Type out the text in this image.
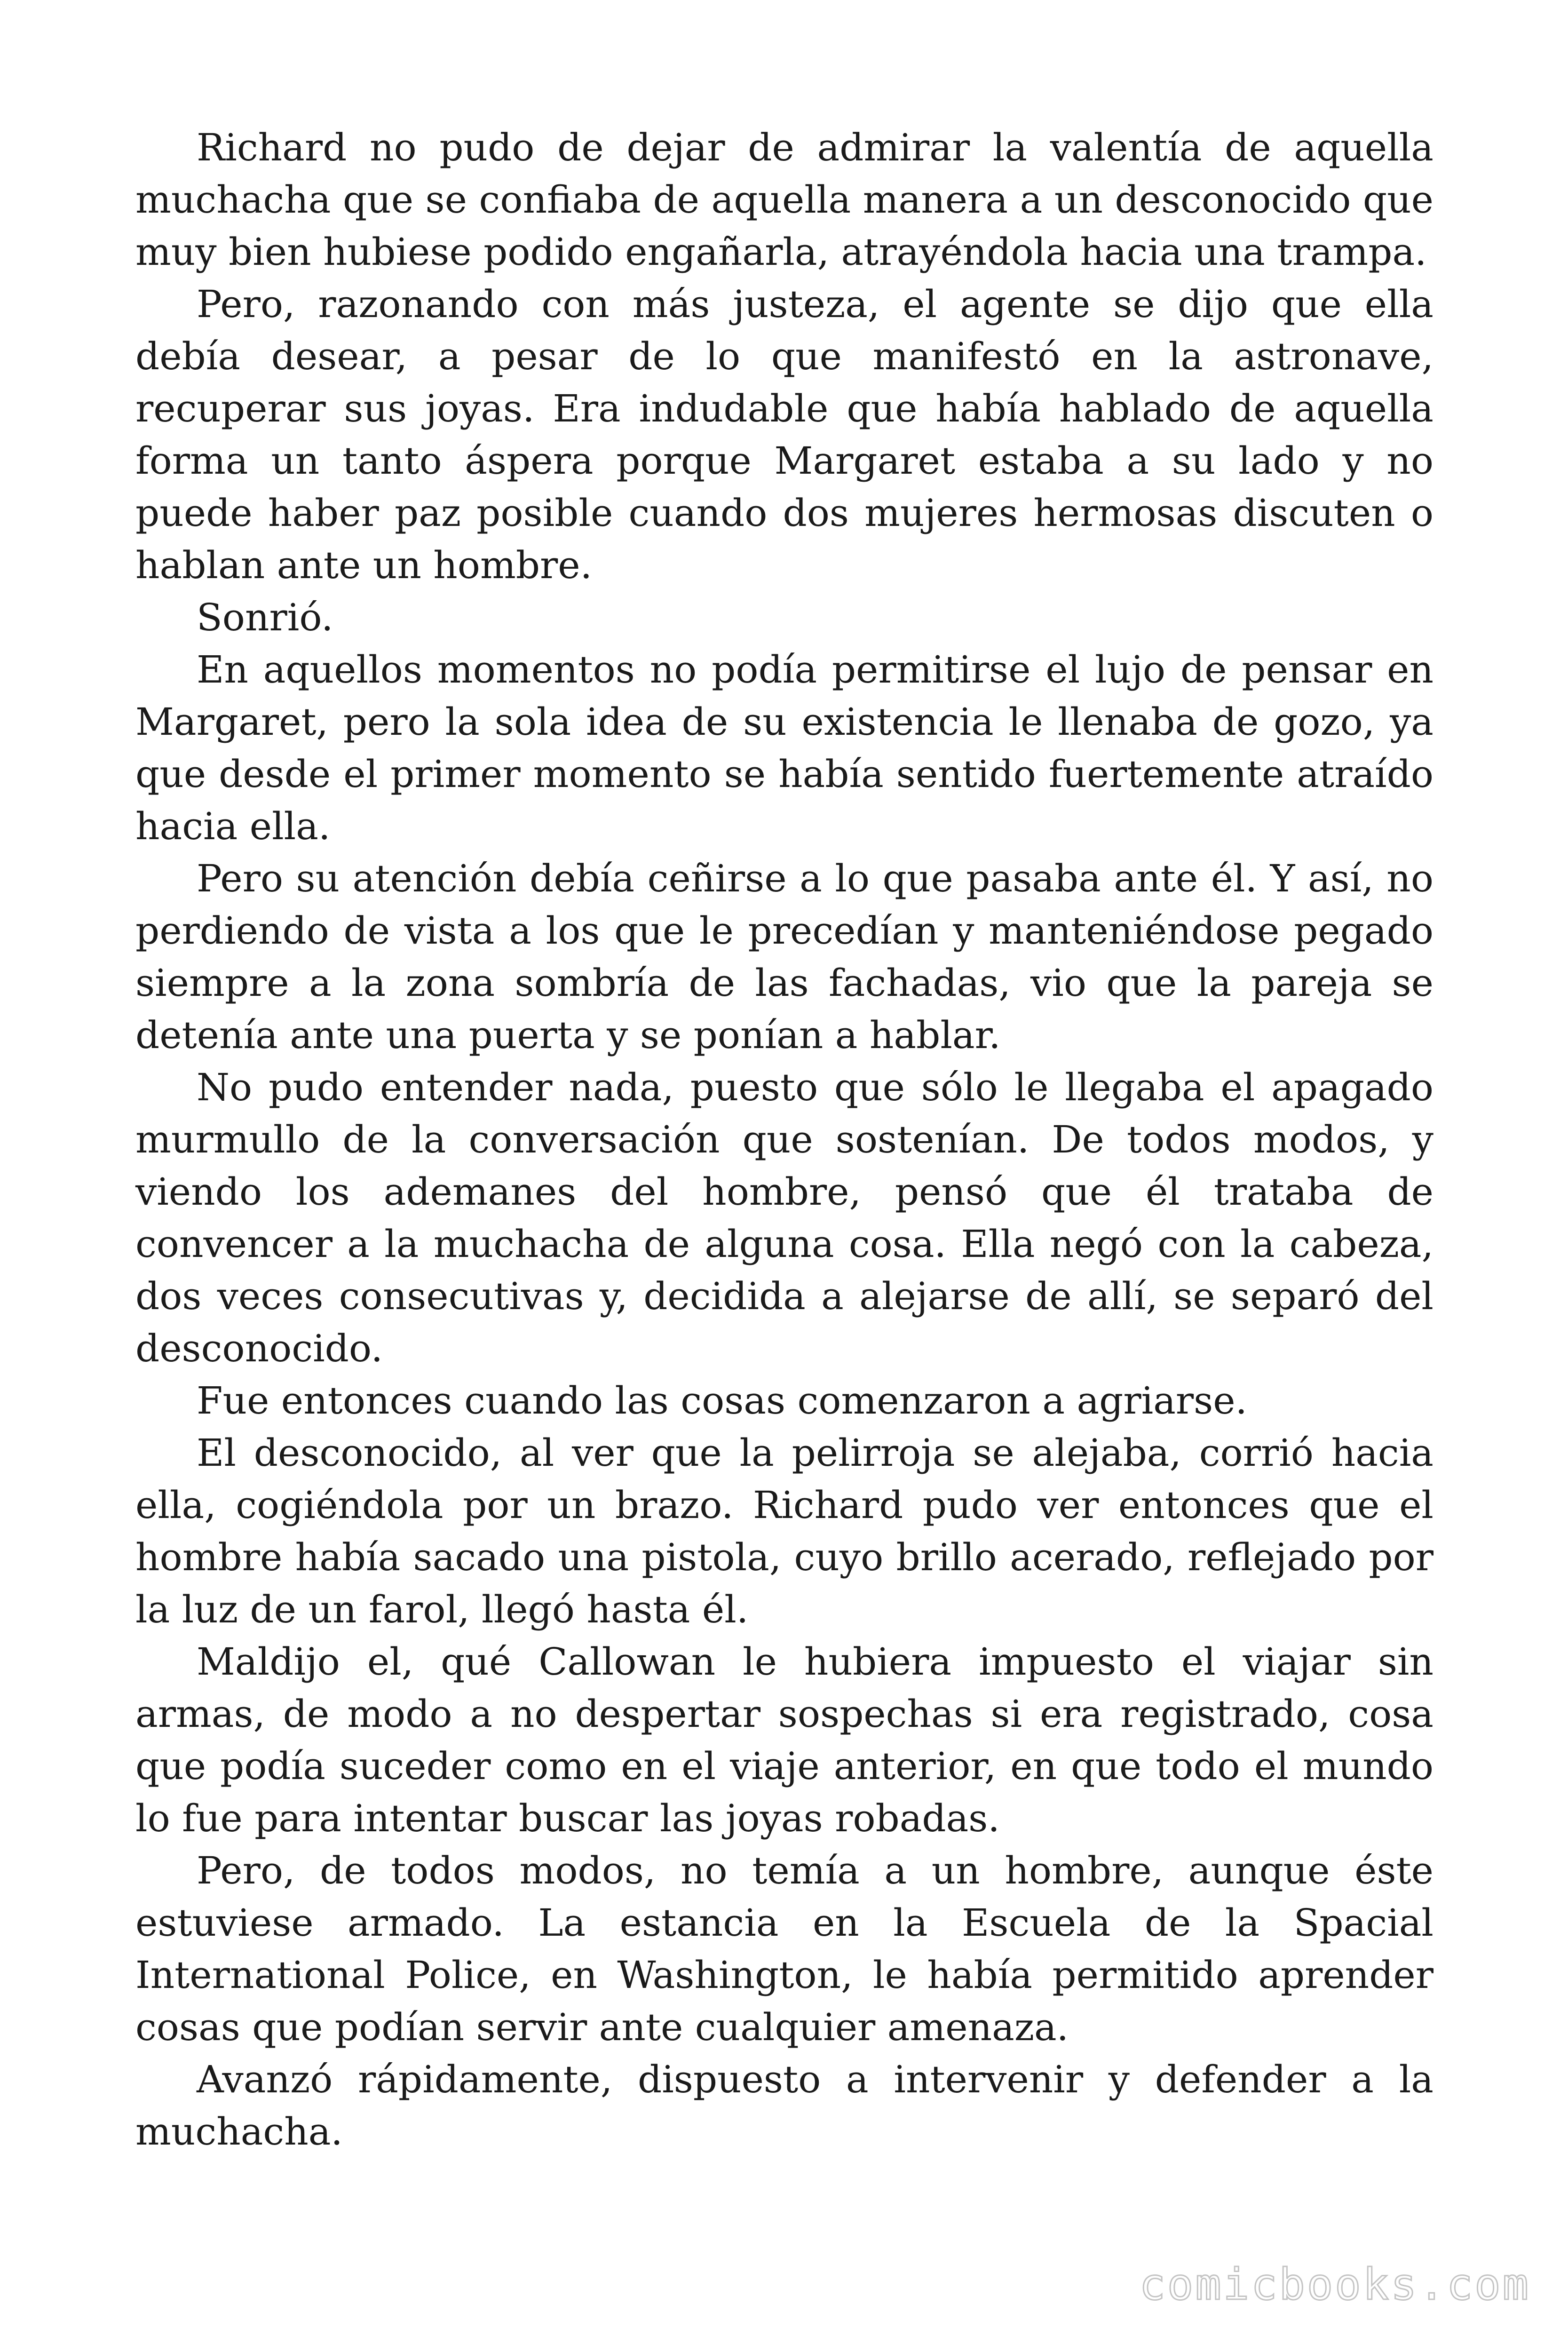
Richard no pudo de dejar de admirar la valentía de aquella muchacha que se confiaba de aquella manera a un desconocido que muy bien hubiese podido engañarla, atrayéndola hacia una trampa.

Pero, razonando con más justeza, el agente se dijo que ella debía desear, a pesar de lo que manifestó en la astronave, recuperar sus joyas. Era indudable que había hablado de aquella forma un tanto áspera porque Margaret estaba a su lado y no puede haber paz posible cuando dos mujeres hermosas discuten o hablan ante un hombre.

Sonrió.

En aquellos momentos no podía permitirse el lujo de pensar en Margaret, pero la sola idea de su existencia le llenaba de gozo, ya que desde el primer momento se había sentido fuertemente atraído hacia ella.

Pero su atención debía ceñirse a lo que pasaba ante él. Y así, no perdiendo de vista a los que le precedían y manteniéndose pegado siempre a la zona sombría de las fachadas, vio que la pareja se detenía ante una puerta y se ponían a hablar.

No pudo entender nada, puesto que sólo le llegaba el apagado murmullo de la conversación que sostenían. De todos modos, y viendo los ademanes del hombre, pensó que él trataba de convencer a la muchacha de alguna cosa. Ella negó con la cabeza, dos veces consecutivas y, decidida a alejarse de allí, se separó del desconocido.

Fue entonces cuando las cosas comenzaron a agriarse.

El desconocido, al ver que la pelirroja se alejaba, corrió hacia ella, cogiéndola por un brazo. Richard pudo ver entonces que el hombre había sacado una pistola, cuyo brillo acerado, reflejado por la luz de un farol, llegó hasta él.

Maldijo el, qué Callowan le hubiera impuesto el viajar sin armas, de modo a no despertar sospechas si era registrado, cosa que podía suceder como en el viaje anterior, en que todo el mundo lo fue para intentar buscar las joyas robadas.

Pero, de todos modos, no temía a un hombre, aunque éste estuviese armado. La estancia en la Escuela de la Spacial International Police, en Washington, le había permitido aprender cosas que podían servir ante cualquier amenaza.

Avanzó rápidamente, dispuesto a intervenir y defender a la muchacha.

comicbooks.com
